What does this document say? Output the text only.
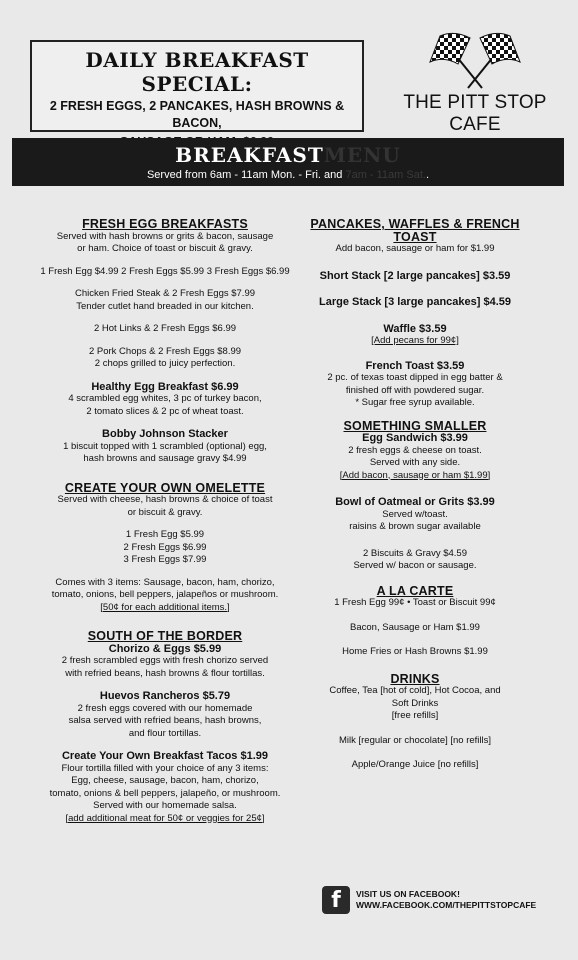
DAILY BREAKFAST SPECIAL:
2 FRESH EGGS, 2 PANCAKES, HASH BROWNS & BACON,
THE PITT STOP CAFE
BREAKFASTMENU
Served from 6am - 11am Mon. - Fri. and 7am - 11am Sat..
FRESH EGG BREAKFASTS
Served with hash browns or grits & bacon, sausage
or ham. Choice of toast or biscuit & gravy.
1 Fresh Egg $4.99 2 Fresh Eggs $5.99 3 Fresh Eggs $6.99
Chicken Fried Steak & 2 Fresh Eggs $7.99
Tender cutlet hand breaded in our kitchen.
2 Hot Links & 2 Fresh Eggs $6.99
2 Pork Chops & 2 Fresh Eggs $8.99
2 chops grilled to juicy perfection.
Healthy Egg Breakfast $6.99
4 scrambled egg whites, 3 pc of turkey bacon,
2 tomato slices & 2 pc of wheat toast.
Bobby Johnson Stacker
1 biscuit topped with 1 scrambled (optional) egg,
hash browns and sausage gravy $4.99
CREATE YOUR OWN OMELETTE
Served with cheese, hash browns & choice of toast
or biscuit & gravy.
1 Fresh Egg $5.99
2 Fresh Eggs $6.99
3 Fresh Eggs $7.99
Comes with 3 items: Sausage, bacon, ham, chorizo,
tomato, onions, bell peppers, jalapeños or mushroom.
[50¢ for each additional items.]
SOUTH OF THE BORDER
Chorizo & Eggs $5.99
2 fresh scrambled eggs with fresh chorizo served
with refried beans, hash browns & flour tortillas.
Huevos Rancheros $5.79
2 fresh eggs covered with our homemade
salsa served with refried beans, hash browns,
and flour tortillas.
Create Your Own Breakfast Tacos $1.99
Flour tortilla filled with your choice of any 3 items:
Egg, cheese, sausage, bacon, ham, chorizo,
tomato, onions & bell peppers, jalapeño, or mushroom.
Served with our homemade salsa.
[add additional meat for 50¢ or veggies for 25¢]
PANCAKES, WAFFLES & FRENCH TOAST
Add bacon, sausage or ham for $1.99
Short Stack [2 large pancakes] $3.59
Large Stack [3 large pancakes] $4.59
Waffle $3.59
[Add pecans for 99¢]
French Toast $3.59
2 pc. of texas toast dipped in egg batter &
finished off with powdered sugar.
* Sugar free syrup available.
SOMETHING SMALLER
Egg Sandwich $3.99
2 fresh eggs & cheese on toast.
Served with any side.
[Add bacon, sausage or ham $1.99]
Bowl of Oatmeal or Grits $3.99
Served w/toast.
raisins & brown sugar available
2 Biscuits & Gravy $4.59
Served w/ bacon or sausage.
A LA CARTE
1 Fresh Egg 99¢ • Toast or Biscuit 99¢
Bacon, Sausage or Ham $1.99
Home Fries or Hash Browns $1.99
DRINKS
Coffee, Tea [hot of cold], Hot Cocoa, and
Soft Drinks
[free refills]
Milk [regular or chocolate] [no refills]
Apple/Orange Juice [no refills]
f	VISIT US ON FACEBOOK!
WWW.FACEBOOK.COM/THEPITTSTOPCAFE
